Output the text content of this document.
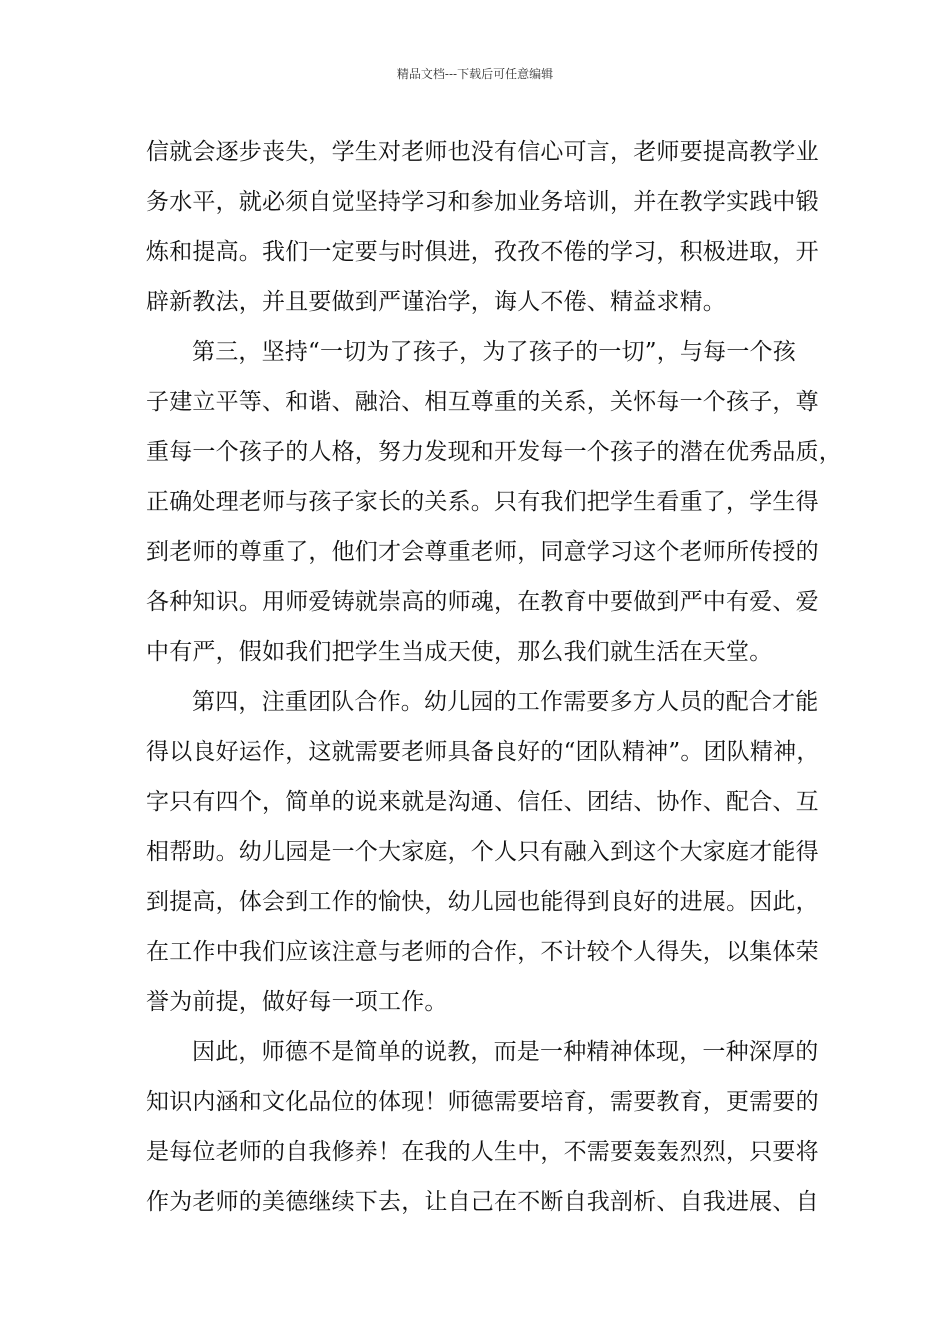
精品文档---下载后可任意编辑
信就会逐步丧失，学生对老师也没有信心可言，老师要提高教学业
务水平，就必须自觉坚持学习和参加业务培训，并在教学实践中锻
炼和提高。我们一定要与时俱进，孜孜不倦的学习，积极进取，开
辟新教法，并且要做到严谨治学，诲人不倦、精益求精。
第三，坚持“一切为了孩子，为了孩子的一切”，与每一个孩
子建立平等、和谐、融洽、相互尊重的关系，关怀每一个孩子，尊
重每一个孩子的人格，努力发现和开发每一个孩子的潜在优秀品质，
正确处理老师与孩子家长的关系。只有我们把学生看重了，学生得
到老师的尊重了，他们才会尊重老师，同意学习这个老师所传授的
各种知识。用师爱铸就崇高的师魂，在教育中要做到严中有爱、爱
中有严，假如我们把学生当成天使，那么我们就生活在天堂。
第四，注重团队合作。幼儿园的工作需要多方人员的配合才能
得以良好运作，这就需要老师具备良好的“团队精神”。团队精神，
字只有四个，简单的说来就是沟通、信任、团结、协作、配合、互
相帮助。幼儿园是一个大家庭，个人只有融入到这个大家庭才能得
到提高，体会到工作的愉快，幼儿园也能得到良好的进展。因此，
在工作中我们应该注意与老师的合作，不计较个人得失，以集体荣
誉为前提，做好每一项工作。
因此，师德不是简单的说教，而是一种精神体现，一种深厚的
知识内涵和文化品位的体现！师德需要培育，需要教育，更需要的
是每位老师的自我修养！在我的人生中，不需要轰轰烈烈，只要将
作为老师的美德继续下去，让自己在不断自我剖析、自我进展、自
